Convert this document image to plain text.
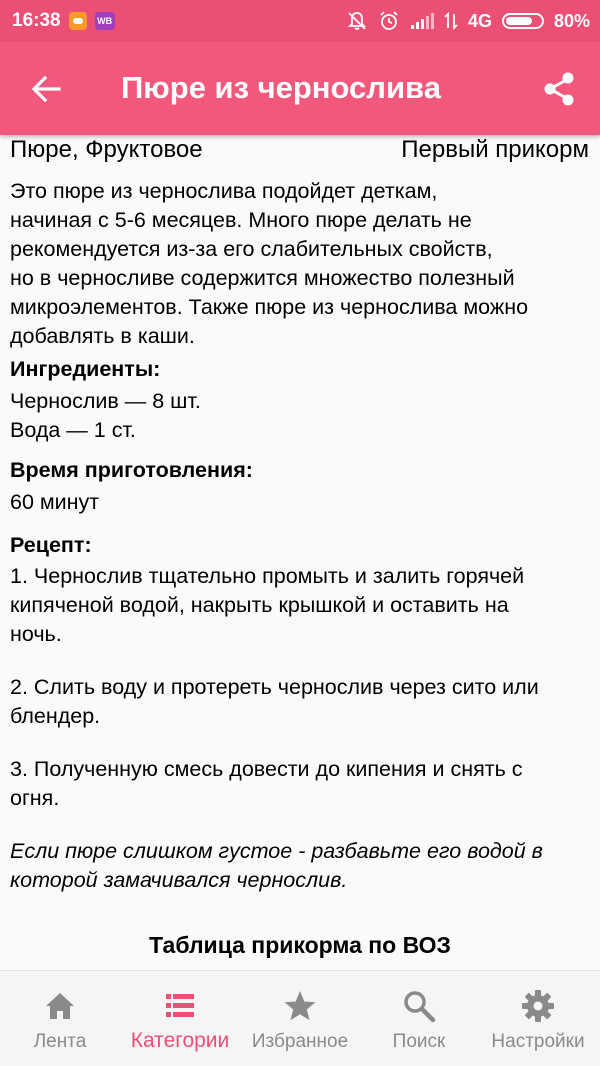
16:38	WB	4G	80%
Пюре из чернослива
Пюре, Фруктовое	Первый прикорм
Это пюре из чернослива подойдет деткам,
начиная с 5-6 месяцев. Много пюре делать не
рекомендуется из-за его слабительных свойств,
но в черносливе содержится множество полезный
микроэлементов. Также пюре из чернослива можно
добавлять в каши.
Ингредиенты:
Чернослив — 8 шт.
Вода — 1 ст.
Время приготовления:
60 минут
Рецепт:
1. Чернослив тщательно промыть и залить горячей
кипяченой водой, накрыть крышкой и оставить на
ночь.
2. Слить воду и протереть чернослив через сито или
блендер.
3. Полученную смесь довести до кипения и снять с
огня.
Если пюре слишком густое - разбавьте его водой в
которой замачивался чернослив.
Таблица прикорма по ВОЗ
Лента Категории Избранное Поиск Настройки
